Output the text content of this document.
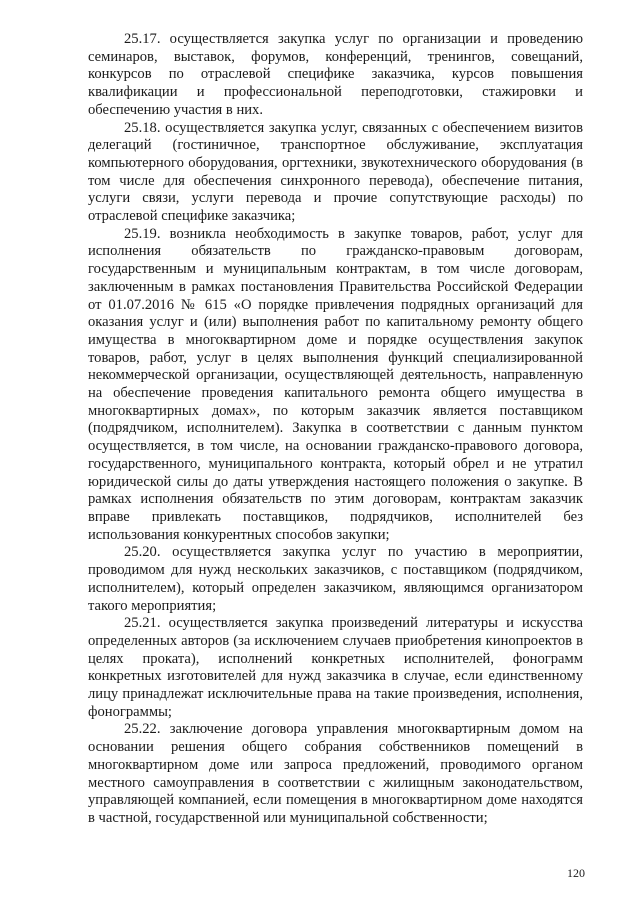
25.17. осуществляется закупка услуг по организации и проведению семинаров, выставок, форумов, конференций, тренингов, совещаний, конкурсов по отраслевой специфике заказчика, курсов повышения квалификации и профессиональной переподготовки, стажировки и обеспечению участия в них.

25.18. осуществляется закупка услуг, связанных с обеспечением визитов делегаций (гостиничное, транспортное обслуживание, эксплуатация компьютерного оборудования, оргтехники, звукотехнического оборудования (в том числе для обеспечения синхронного перевода), обеспечение питания, услуги связи, услуги перевода и прочие сопутствующие расходы) по отраслевой специфике заказчика;

25.19. возникла необходимость в закупке товаров, работ, услуг для исполнения обязательств по гражданско-правовым договорам, государственным и муниципальным контрактам, в том числе договорам, заключенным в рамках постановления Правительства Российской Федерации от 01.07.2016 № 615 «О порядке привлечения подрядных организаций для оказания услуг и (или) выполнения работ по капитальному ремонту общего имущества в многоквартирном доме и порядке осуществления закупок товаров, работ, услуг в целях выполнения функций специализированной некоммерческой организации, осуществляющей деятельность, направленную на обеспечение проведения капитального ремонта общего имущества в многоквартирных домах», по которым заказчик является поставщиком (подрядчиком, исполнителем). Закупка в соответствии с данным пунктом осуществляется, в том числе, на основании гражданско-правового договора, государственного, муниципального контракта, который обрел и не утратил юридической силы до даты утверждения настоящего положения о закупке. В рамках исполнения обязательств по этим договорам, контрактам заказчик вправе привлекать поставщиков, подрядчиков, исполнителей без использования конкурентных способов закупки;

25.20. осуществляется закупка услуг по участию в мероприятии, проводимом для нужд нескольких заказчиков, с поставщиком (подрядчиком, исполнителем), который определен заказчиком, являющимся организатором такого мероприятия;

25.21. осуществляется закупка произведений литературы и искусства определенных авторов (за исключением случаев приобретения кинопроектов в целях проката), исполнений конкретных исполнителей, фонограмм конкретных изготовителей для нужд заказчика в случае, если единственному лицу принадлежат исключительные права на такие произведения, исполнения, фонограммы;

25.22. заключение договора управления многоквартирным домом на основании решения общего собрания собственников помещений в многоквартирном доме или запроса предложений, проводимого органом местного самоуправления в соответствии с жилищным законодательством, управляющей компанией, если помещения в многоквартирном доме находятся в частной, государственной или муниципальной собственности;

120
